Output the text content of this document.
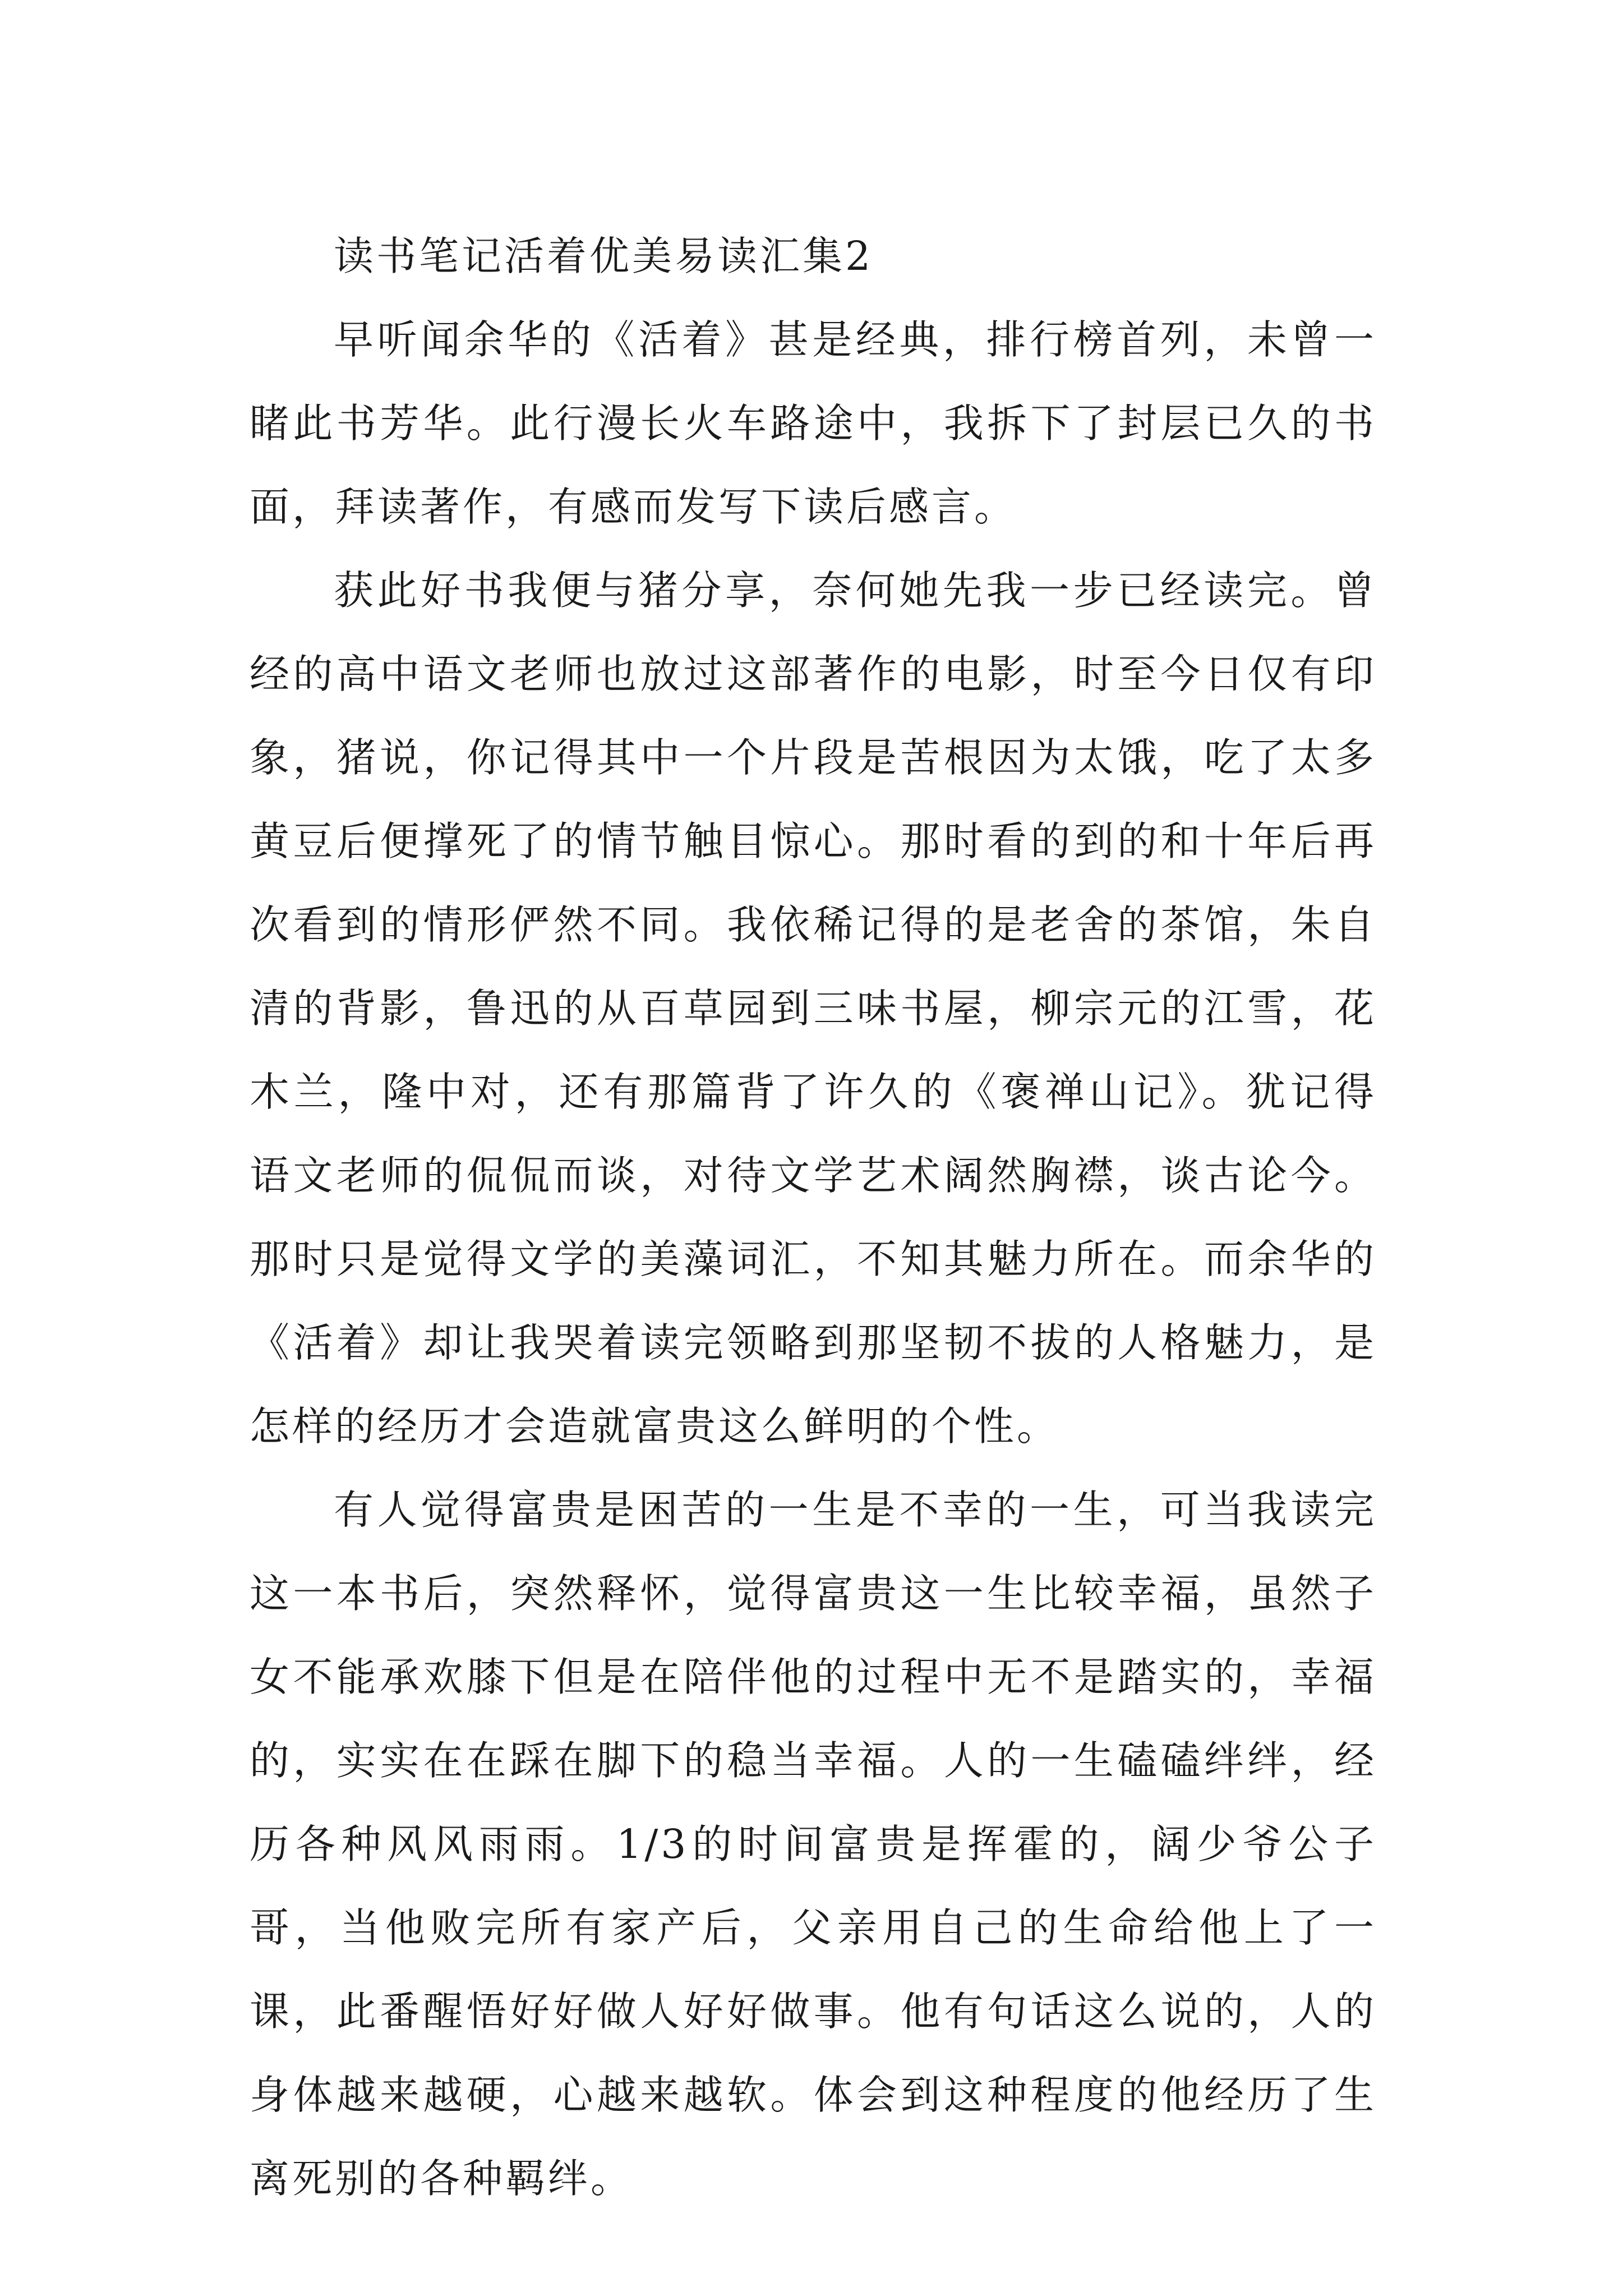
读书笔记活着优美易读汇集2

早听闻余华的《活着》甚是经典，排行榜首列，未曾一睹此书芳华。此行漫长火车路途中，我拆下了封层已久的书面，拜读著作，有感而发写下读后感言。

获此好书我便与猪分享，奈何她先我一步已经读完。曾经的高中语文老师也放过这部著作的电影，时至今日仅有印象，猪说，你记得其中一个片段是苦根因为太饿，吃了太多黄豆后便撑死了的情节触目惊心。那时看的到的和十年后再次看到的情形俨然不同。我依稀记得的是老舍的茶馆，朱自清的背影，鲁迅的从百草园到三味书屋，柳宗元的江雪，花木兰，隆中对，还有那篇背了许久的《褒禅山记》。犹记得语文老师的侃侃而谈，对待文学艺术阔然胸襟，谈古论今。那时只是觉得文学的美藻词汇，不知其魅力所在。而余华的《活着》却让我哭着读完领略到那坚韧不拔的人格魅力，是怎样的经历才会造就富贵这么鲜明的个性。

有人觉得富贵是困苦的一生是不幸的一生，可当我读完这一本书后，突然释怀，觉得富贵这一生比较幸福，虽然子女不能承欢膝下但是在陪伴他的过程中无不是踏实的，幸福的，实实在在踩在脚下的稳当幸福。人的一生磕磕绊绊，经历各种风风雨雨。1/3的时间富贵是挥霍的，阔少爷公子哥，当他败完所有家产后，父亲用自己的生命给他上了一课，此番醒悟好好做人好好做事。他有句话这么说的，人的身体越来越硬，心越来越软。体会到这种程度的他经历了生离死别的各种羁绊。
